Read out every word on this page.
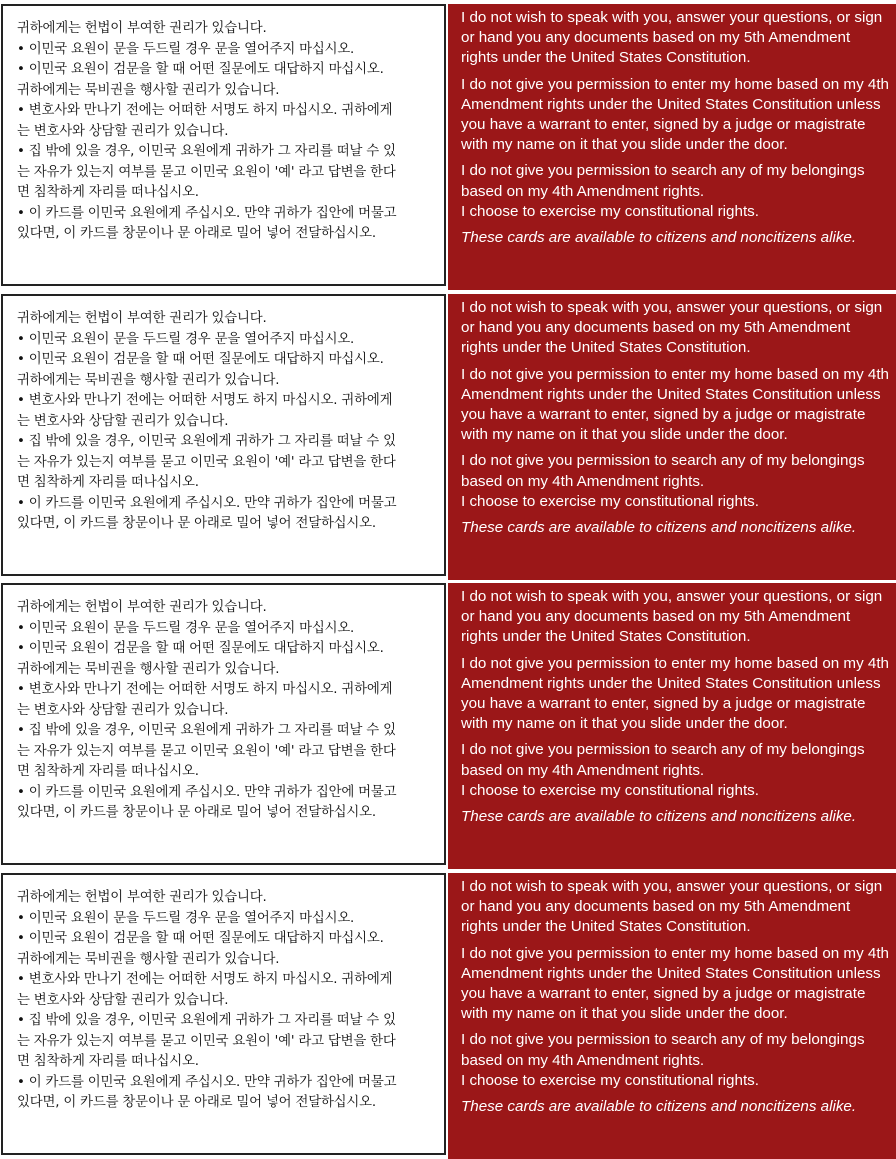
귀하에게는 헌법이 부여한 권리가 있습니다.

• 이민국 요원이 문을 두드릴 경우 문을 열어주지 마십시오.

• 이민국 요원이 검문을 할 때 어떤 질문에도 대답하지 마십시오.

귀하에게는 묵비권을 행사할 권리가 있습니다.

• 변호사와 만나기 전에는 어떠한 서명도 하지 마십시오. 귀하에게

는 변호사와 상담할 권리가 있습니다.

• 집 밖에 있을 경우, 이민국 요원에게 귀하가 그 자리를 떠날 수 있

는 자유가 있는지 여부를 묻고 이민국 요원이 '예' 라고 답변을 한다

면 침착하게 자리를 떠나십시오.

• 이 카드를 이민국 요원에게 주십시오. 만약 귀하가 집안에 머물고

있다면, 이 카드를 창문이나 문 아래로 밀어 넣어 전달하십시오.

I do not wish to speak with you, answer your questions, or sign or hand you any documents based on my 5th Amendment rights under the United States Constitution.

I do not give you permission to enter my home based on my 4th Amendment rights under the United States Constitution unless you have a warrant to enter, signed by a judge or magistrate with my name on it that you slide under the door.

I do not give you permission to search any of my belongings based on my 4th Amendment rights.

I choose to exercise my constitutional rights.

These cards are available to citizens and noncitizens alike.

귀하에게는 헌법이 부여한 권리가 있습니다.

• 이민국 요원이 문을 두드릴 경우 문을 열어주지 마십시오.

• 이민국 요원이 검문을 할 때 어떤 질문에도 대답하지 마십시오.

귀하에게는 묵비권을 행사할 권리가 있습니다.

• 변호사와 만나기 전에는 어떠한 서명도 하지 마십시오. 귀하에게

는 변호사와 상담할 권리가 있습니다.

• 집 밖에 있을 경우, 이민국 요원에게 귀하가 그 자리를 떠날 수 있

는 자유가 있는지 여부를 묻고 이민국 요원이 '예' 라고 답변을 한다

면 침착하게 자리를 떠나십시오.

• 이 카드를 이민국 요원에게 주십시오. 만약 귀하가 집안에 머물고

있다면, 이 카드를 창문이나 문 아래로 밀어 넣어 전달하십시오.

I do not wish to speak with you, answer your questions, or sign or hand you any documents based on my 5th Amendment rights under the United States Constitution.

I do not give you permission to enter my home based on my 4th Amendment rights under the United States Constitution unless you have a warrant to enter, signed by a judge or magistrate with my name on it that you slide under the door.

I do not give you permission to search any of my belongings based on my 4th Amendment rights.

I choose to exercise my constitutional rights.

These cards are available to citizens and noncitizens alike.

귀하에게는 헌법이 부여한 권리가 있습니다.

• 이민국 요원이 문을 두드릴 경우 문을 열어주지 마십시오.

• 이민국 요원이 검문을 할 때 어떤 질문에도 대답하지 마십시오.

귀하에게는 묵비권을 행사할 권리가 있습니다.

• 변호사와 만나기 전에는 어떠한 서명도 하지 마십시오. 귀하에게

는 변호사와 상담할 권리가 있습니다.

• 집 밖에 있을 경우, 이민국 요원에게 귀하가 그 자리를 떠날 수 있

는 자유가 있는지 여부를 묻고 이민국 요원이 '예' 라고 답변을 한다

면 침착하게 자리를 떠나십시오.

• 이 카드를 이민국 요원에게 주십시오. 만약 귀하가 집안에 머물고

있다면, 이 카드를 창문이나 문 아래로 밀어 넣어 전달하십시오.

I do not wish to speak with you, answer your questions, or sign or hand you any documents based on my 5th Amendment rights under the United States Constitution.

I do not give you permission to enter my home based on my 4th Amendment rights under the United States Constitution unless you have a warrant to enter, signed by a judge or magistrate with my name on it that you slide under the door.

I do not give you permission to search any of my belongings based on my 4th Amendment rights.

I choose to exercise my constitutional rights.

These cards are available to citizens and noncitizens alike.

귀하에게는 헌법이 부여한 권리가 있습니다.

• 이민국 요원이 문을 두드릴 경우 문을 열어주지 마십시오.

• 이민국 요원이 검문을 할 때 어떤 질문에도 대답하지 마십시오.

귀하에게는 묵비권을 행사할 권리가 있습니다.

• 변호사와 만나기 전에는 어떠한 서명도 하지 마십시오. 귀하에게

는 변호사와 상담할 권리가 있습니다.

• 집 밖에 있을 경우, 이민국 요원에게 귀하가 그 자리를 떠날 수 있

는 자유가 있는지 여부를 묻고 이민국 요원이 '예' 라고 답변을 한다

면 침착하게 자리를 떠나십시오.

• 이 카드를 이민국 요원에게 주십시오. 만약 귀하가 집안에 머물고

있다면, 이 카드를 창문이나 문 아래로 밀어 넣어 전달하십시오.

I do not wish to speak with you, answer your questions, or sign or hand you any documents based on my 5th Amendment rights under the United States Constitution.

I do not give you permission to enter my home based on my 4th Amendment rights under the United States Constitution unless you have a warrant to enter, signed by a judge or magistrate with my name on it that you slide under the door.

I do not give you permission to search any of my belongings based on my 4th Amendment rights.

I choose to exercise my constitutional rights.

These cards are available to citizens and noncitizens alike.
